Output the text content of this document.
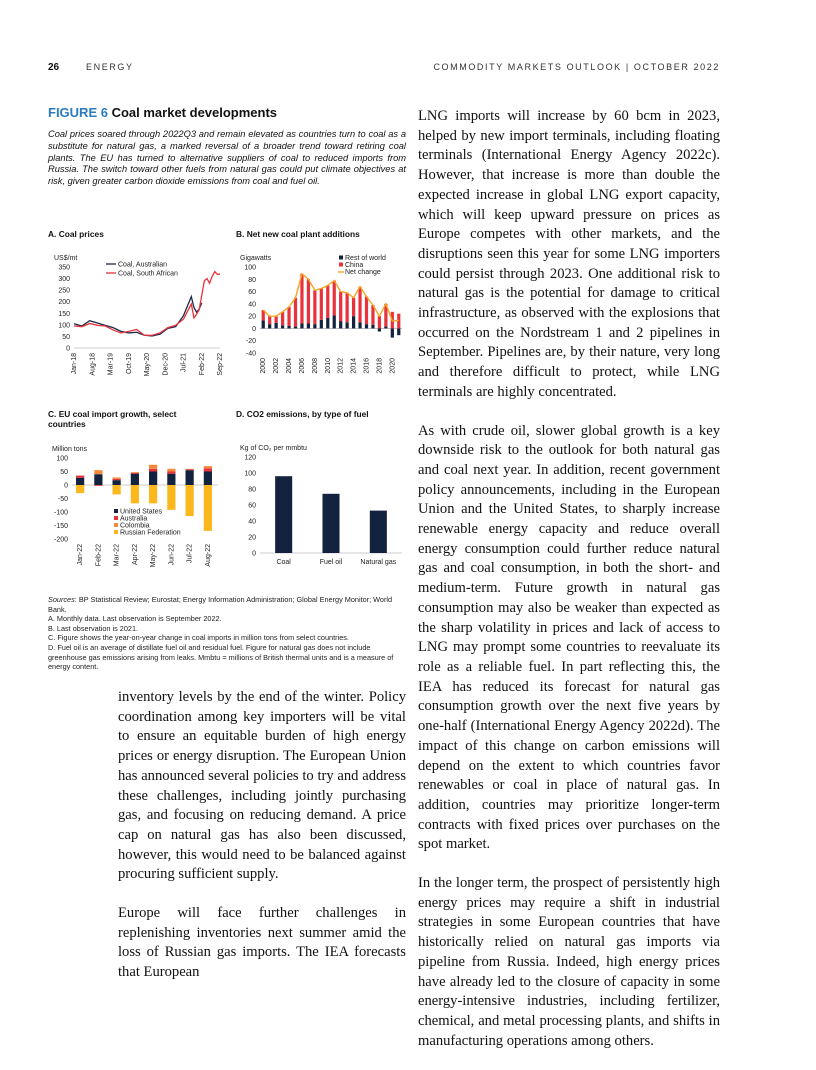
26	ENERGY	COMMODITY MARKETS OUTLOOK | OCTOBER 2022
FIGURE 6 Coal market developments
Coal prices soared through 2022Q3 and remain elevated as countries turn to coal as a substitute for natural gas, a marked reversal of a broader trend toward retiring coal plants. The EU has turned to alternative suppliers of coal to reduced imports from Russia. The switch toward other fuels from natural gas could put climate objectives at risk, given greater carbon dioxide emissions from coal and fuel oil.
A. Coal prices	B. Net new coal plant additions
C. EU coal import growth, select countries
D. CO2 emissions, by type of fuel
0
50
100
150
200
250
300
350
US$/mt
Jan-18 Aug-18 Mar-19 Oct-19 May-20 Dec-20 Jul-21 Feb-22 Sep-22
Coal, Australian
Coal, South African
-40
-20
0
20
40
60
80
100
Gigawatts
2000 2002 2004 2006 2008 2010 2012 2014 2016 2018 2020
Rest of world
China
Net change
-200
-150
-100
-50
0
50
100
Million tons
Jan-22 Feb-22 Mar-22 Apr-22 May-22 Jun-22 Jul-22 Aug-22
United States
Australia
Colombia
Russian Federation
0
20
40
60
80
100
120
Kg of CO₂ per mmbtu
Coal	Fuel oil	Natural gas

Sources: BP Statistical Review; Eurostat; Energy Information Administration; Global Energy Monitor; World Bank.

A. Monthly data. Last observation is September 2022.

B. Last observation is 2021.

C. Figure shows the year-on-year change in coal imports in million tons from select countries.

D. Fuel oil is an average of distillate fuel oil and residual fuel. Figure for natural gas does not include greenhouse gas emissions arising from leaks. Mmbtu = millions of British thermal units and is a measure of energy content.

inventory levels by the end of the winter. Policy coordination among key importers will be vital to ensure an equitable burden of high energy prices or energy disruption. The European Union has announced several policies to try and address these challenges, including jointly purchasing gas, and focusing on reducing demand. A price cap on natural gas has also been discussed, however, this would need to be balanced against procuring sufficient supply.

Europe will face further challenges in replenishing inventories next summer amid the loss of Russian gas imports. The IEA forecasts that European

LNG imports will increase by 60 bcm in 2023, helped by new import terminals, including floating terminals (International Energy Agency 2022c). However, that increase is more than double the expected increase in global LNG export capacity, which will keep upward pressure on prices as Europe competes with other markets, and the disruptions seen this year for some LNG importers could persist through 2023. One additional risk to natural gas is the potential for damage to critical infrastructure, as observed with the explosions that occurred on the Nordstream 1 and 2 pipelines in September. Pipelines are, by their nature, very long and therefore difficult to protect, while LNG terminals are highly concentrated.

As with crude oil, slower global growth is a key downside risk to the outlook for both natural gas and coal next year. In addition, recent government policy announcements, including in the European Union and the United States, to sharply increase renewable energy capacity and reduce overall energy consumption could further reduce natural gas and coal consumption, in both the short- and medium-term. Future growth in natural gas consumption may also be weaker than expected as the sharp volatility in prices and lack of access to LNG may prompt some countries to reevaluate its role as a reliable fuel. In part reflecting this, the IEA has reduced its forecast for natural gas consumption growth over the next five years by one-half (International Energy Agency 2022d). The impact of this change on carbon emissions will depend on the extent to which countries favor renewables or coal in place of natural gas. In addition, countries may prioritize longer-term contracts with fixed prices over purchases on the spot market.

In the longer term, the prospect of persistently high energy prices may require a shift in industrial strategies in some European countries that have historically relied on natural gas imports via pipeline from Russia. Indeed, high energy prices have already led to the closure of capacity in some energy-intensive industries, including fertilizer, chemical, and metal processing plants, and shifts in manufacturing operations among others.
